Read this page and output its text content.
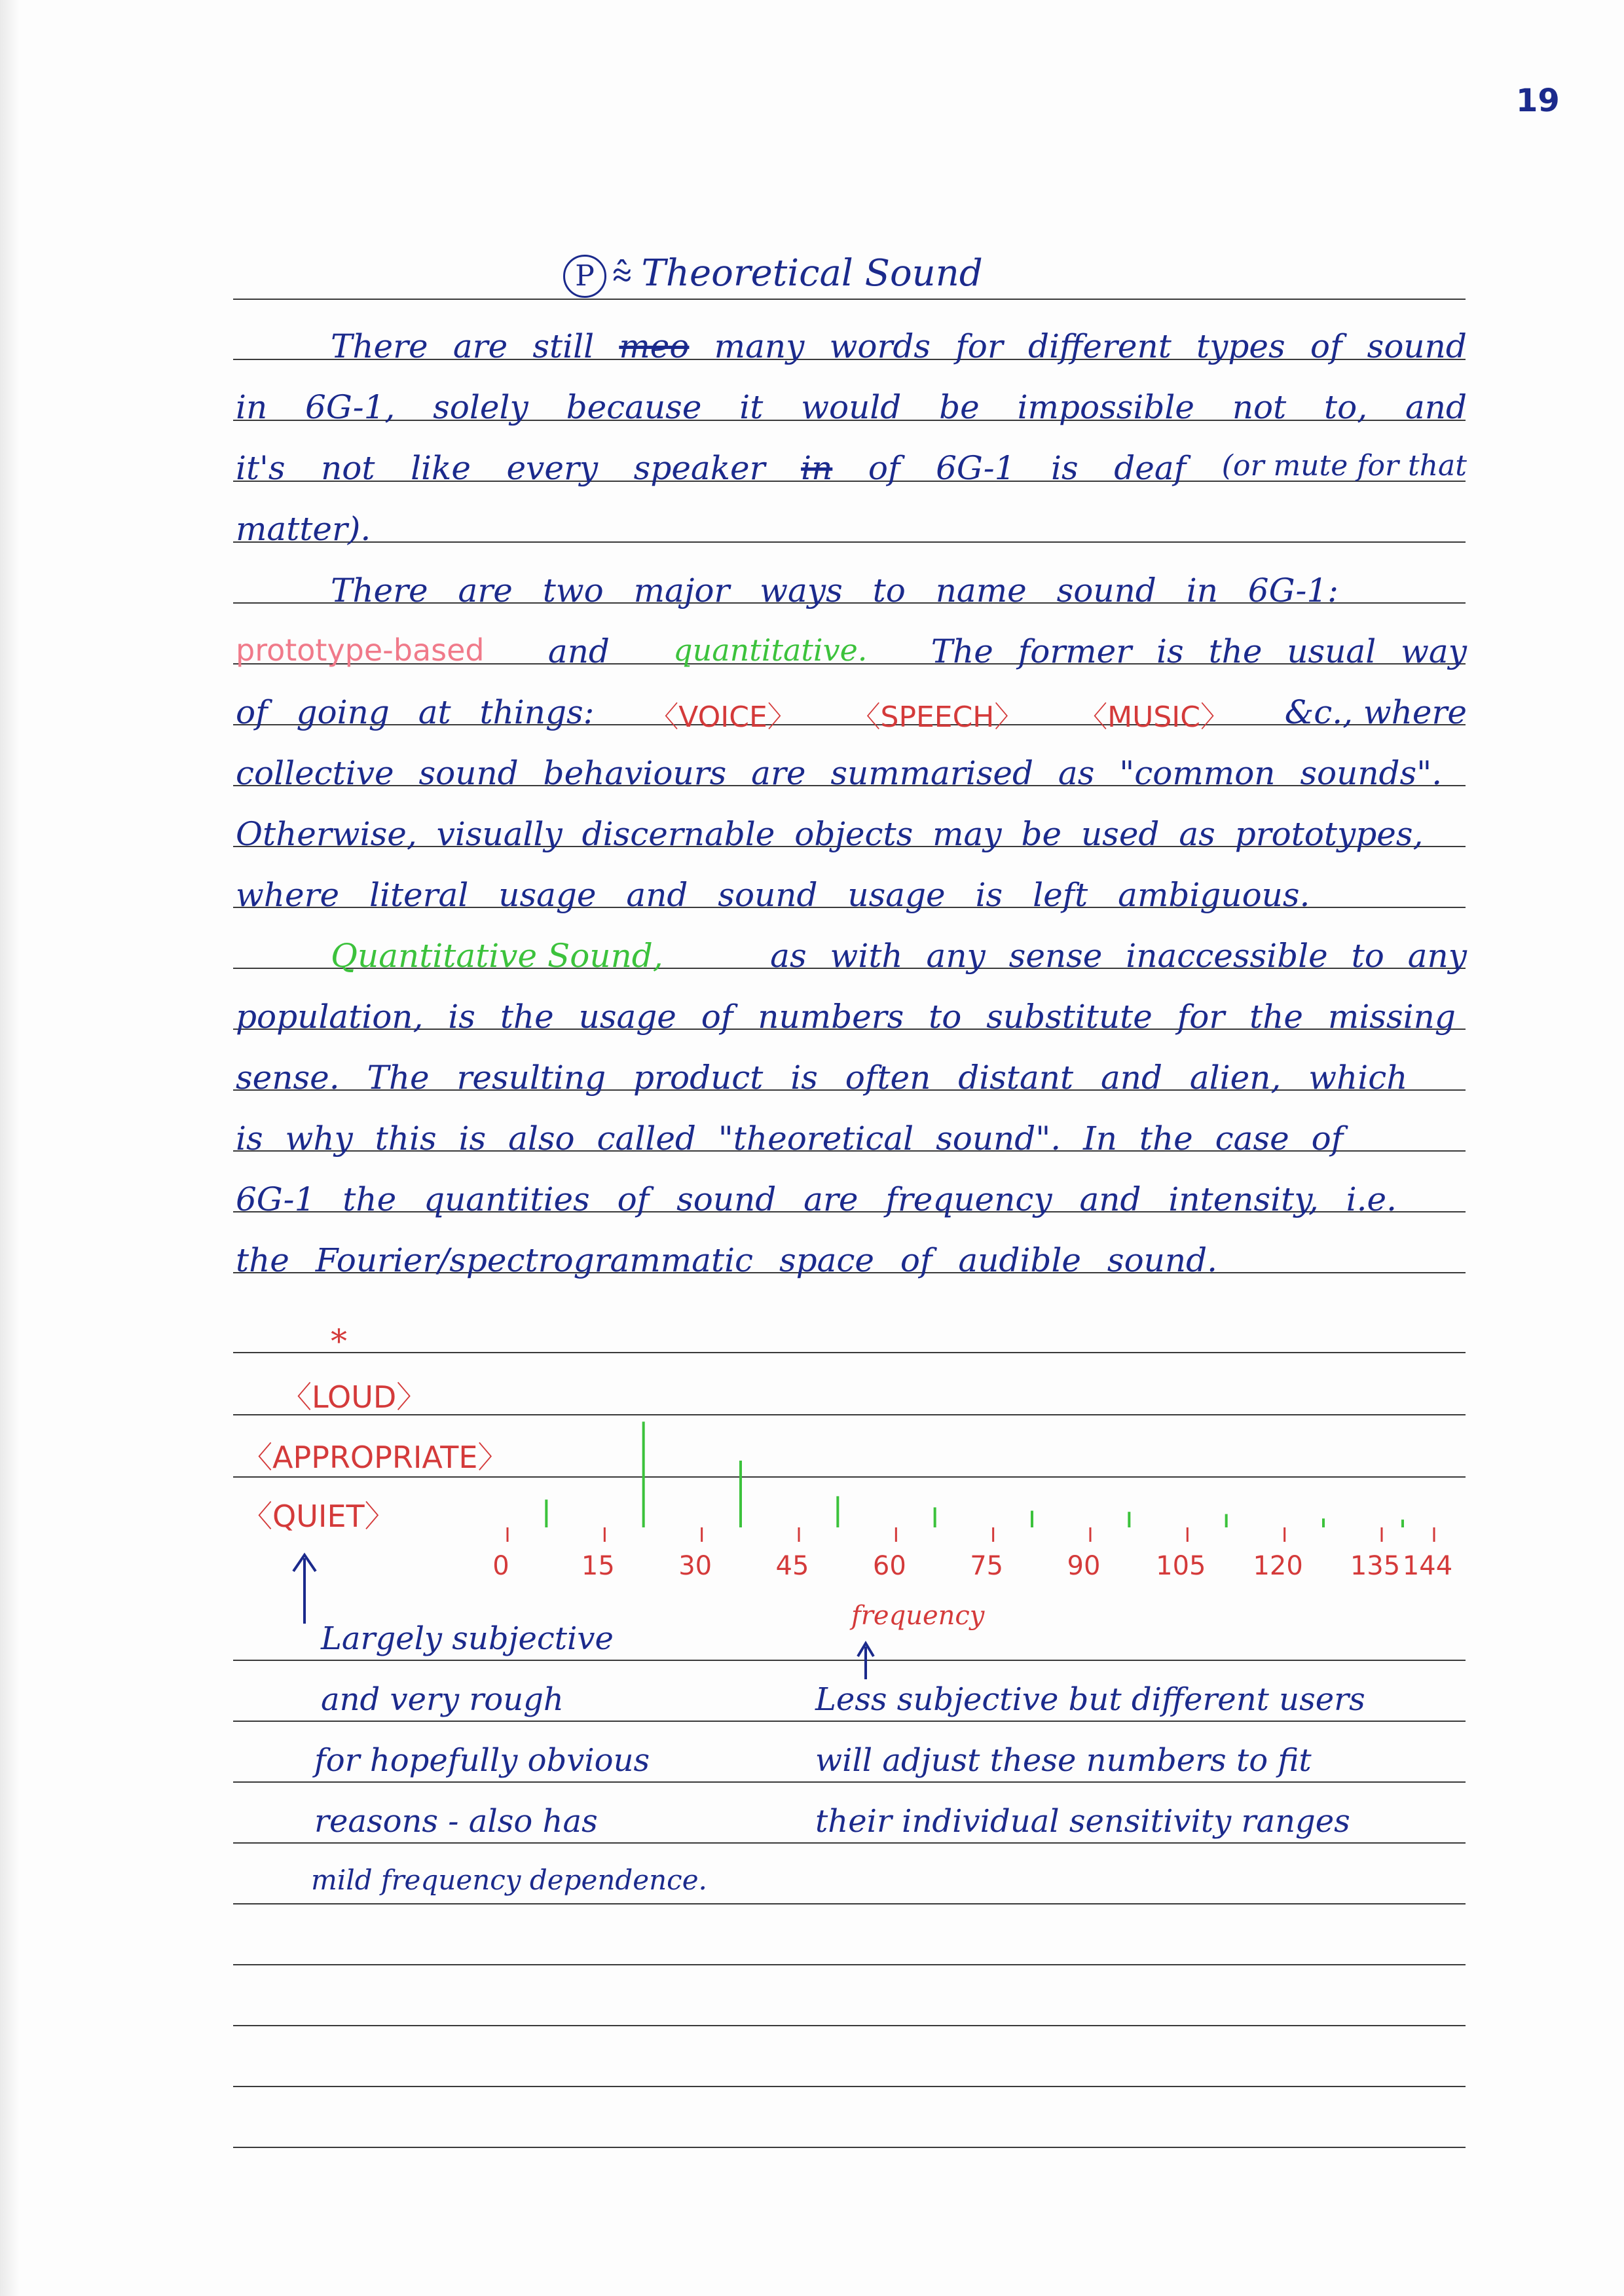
19
P ⩯ Theoretical Sound
There are still meo many words for different types of sound
in 6G-1, solely because it would be impossible not to, and
it's not like every speaker in of 6G-1 is deaf (or mute for that
matter).
There are two major ways to name sound in 6G-1:
prototype-based and quantitative. The former is the usual way
of going at things: 〈VOICE〉 〈SPEECH〉 〈MUSIC〉 &c., where
collective sound behaviours are summarised as "common sounds".
Otherwise, visually discernable objects may be used as prototypes,
where literal usage and sound usage is left ambiguous.
Quantitative Sound,	as with any sense inaccessible to any
population, is the usage of numbers to substitute for the missing
sense. The resulting product is often distant and alien, which
is why this is also called "theoretical sound". In the case of
6G-1 the quantities of sound are frequency and intensity, i.e.
the Fourier/spectrogrammatic space of audible sound.
*
〈LOUD〉
〈APPROPRIATE〉
〈QUIET〉
0	15 30 45 60 75 90 105 120 135 144
frequency
Largely subjective
and very rough
for hopefully obvious
reasons - also has
mild frequency dependence.
Less subjective but different users
will adjust these numbers to fit
their individual sensitivity ranges
